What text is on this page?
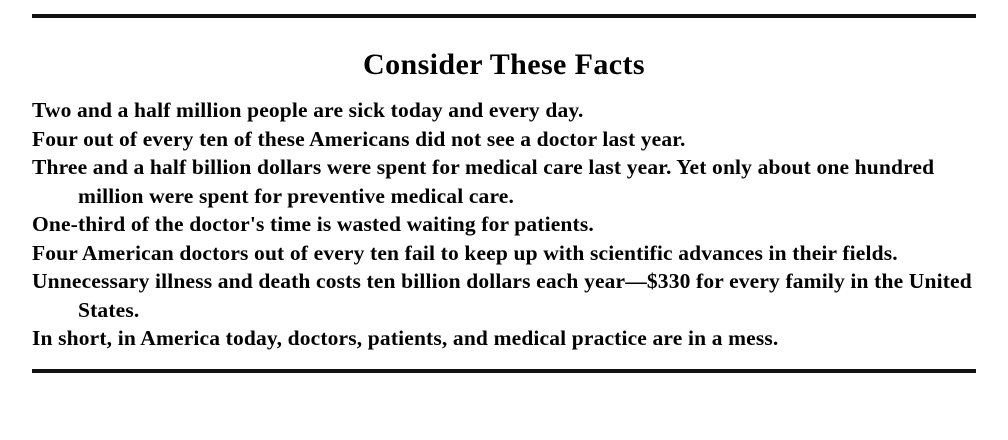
Consider These Facts

Two and a half million people are sick today and every day.

Four out of every ten of these Americans did not see a doctor last year.

Three and a half billion dollars were spent for medical care last year. Yet only about one hundred million were spent for preventive medical care.

One-third of the doctor's time is wasted waiting for patients.

Four American doctors out of every ten fail to keep up with scientific advances in their fields.

Unnecessary illness and death costs ten billion dollars each year—$330 for every family in the United States.

In short, in America today, doctors, patients, and medical practice are in a mess.
